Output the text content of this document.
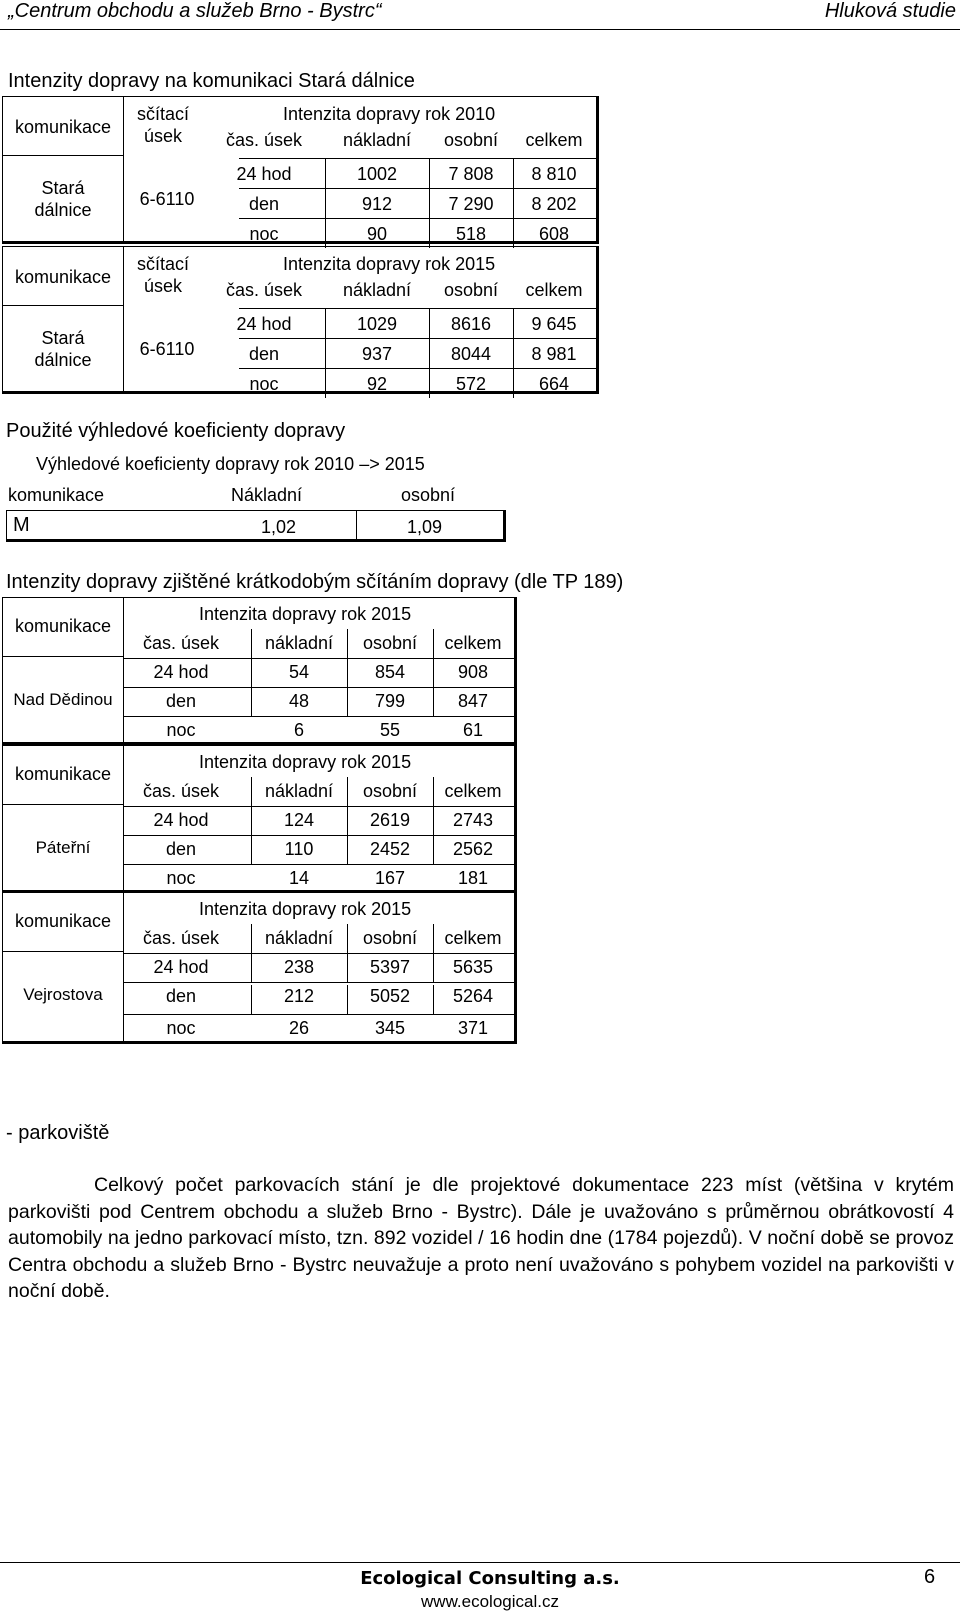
„Centrum obchodu a služeb Brno - Bystrc“	Hluková studie
Intenzity dopravy na komunikaci Stará dálnice
komunikace
sčítací úsek
Intenzita dopravy rok 2010
Stará dálnice
6-6110
čas. úsek	nákladní	osobní	celkem
24 hod	1002	7 808	8 810
den	912	7 290	8 202
noc	90	518	608
komunikace
sčítací úsek
Intenzita dopravy rok 2015
Stará dálnice
6-6110
čas. úsek	nákladní	osobní	celkem
24 hod	1029	8616	9 645
den	937	8044	8 981
noc	92	572	664
Použité výhledové koeficienty dopravy
Výhledové koeficienty dopravy rok 2010 –> 2015
komunikace	Nákladní	osobní
M	1,02	1,09
Intenzity dopravy zjištěné krátkodobým sčítáním dopravy (dle TP 189)
komunikace
Intenzita dopravy rok 2015
Nad Dědinou
čas. úsek	nákladní	osobní	celkem
24 hod	54	854	908
den	48	799	847
noc	6	55	61
komunikace
Intenzita dopravy rok 2015
Páteřní
čas. úsek	nákladní	osobní	celkem
24 hod	124	2619	2743
den	110	2452	2562
noc	14	167	181
komunikace
Intenzita dopravy rok 2015
Vejrostova
čas. úsek	nákladní	osobní	celkem
24 hod	238	5397	5635
den	212	5052	5264
noc	26	345	371
- parkoviště

Celkový počet parkovacích stání je dle projektové dokumentace 223 míst (většina v krytém parkovišti pod Centrem obchodu a služeb Brno - Bystrc). Dále je uvažováno s průměrnou obrátkovostí 4 automobily na jedno parkovací místo, tzn. 892 vozidel / 16 hodin dne (1784 pojezdů). V noční době se provoz Centra obchodu a služeb Brno - Bystrc neuvažuje a proto není uvažováno s pohybem vozidel na parkovišti v noční době.

Ecological Consulting a.s.
www.ecological.cz
6
